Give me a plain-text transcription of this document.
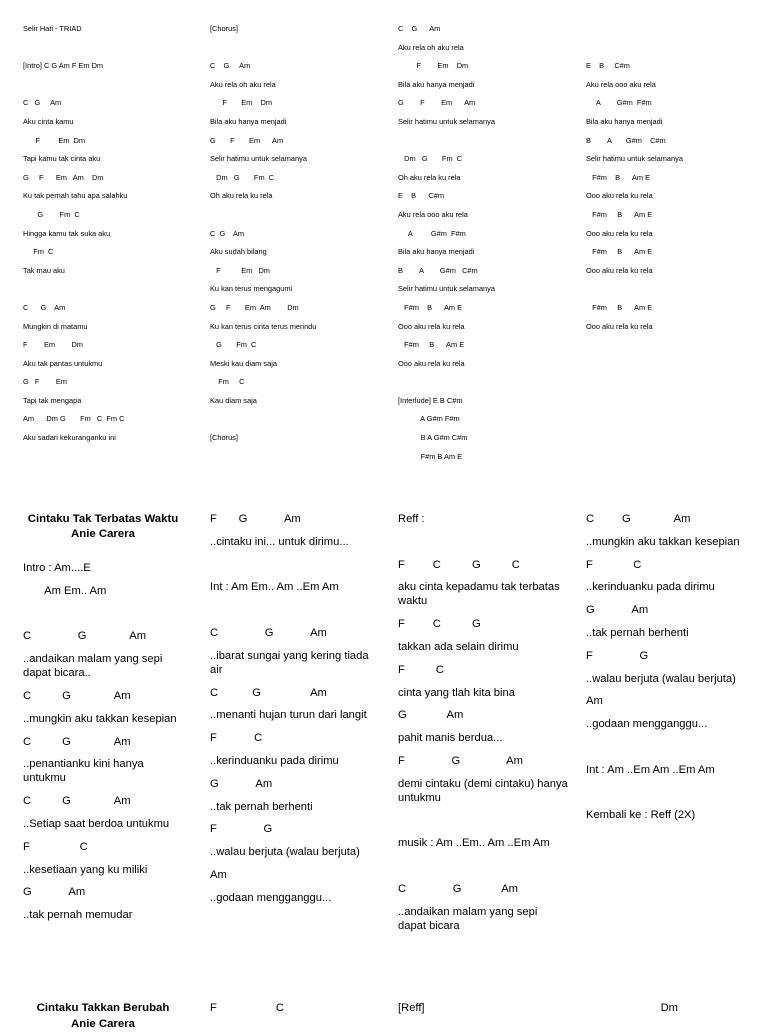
Selir Hati - TRIAD
[Intro] C G Am F Em Dm
C   G     Am
Aku cinta kamu
F         Em  Dm
Tapi kamu tak cinta aku
G     F      Em   Am    Dm
Ku tak pernah tahu apa salahku
G        Fm  C
Hingga kamu tak suka aku
Fm  C
Tak mau aku
C      G    Am
Mungkin di matamu
F        Em        Dm
Aku tak pantas untukmu
G   F        Em
Tapi tak mengapa
Am      Dm G       Fm   C  Fm C
Aku sadari kekuranganku ini
[Chorus]
C    G     Am
Aku rela oh aku rela
F       Em    Dm
Bila aku hanya menjadi
G       F       Em      Am
Selir hatimu untuk selamanya
Dm   G       Fm  C
Oh aku rela ku rela
C  G    Am
Aku sudah bilang
F          Em   Dm
Ku kan terus mengagumi
G     F       Em  Am        Dm
Ku kan terus cinta terus merindu
G       Fm  C
Meski kau diam saja
Fm     C
Kau diam saja
[Chorus]
C    G      Am
Aku rela oh aku rela
F        Em    Dm
Bila aku hanya menjadi
G        F        Em      Am
Selir hatimu untuk selamanya
Dm   G       Fm  C
Oh aku rela ku rela
E    B      C#m
Aku rela ooo aku rela
A         G#m  F#m
Bila aku hanya menjadi
B        A        G#m   C#m
Selir hatimu untuk selamanya
F#m    B      Am E
Ooo aku rela ku rela
F#m     B      Am E
Ooo aku rela ku rela
[Interlude] E B C#m
A G#m F#m
B A G#m C#m
F#m B Am E
E    B     C#m
Aku rela ooo aku rela
A        G#m  F#m
Bila aku hanya menjadi
B        A       G#m    C#m
Selir hatimu untuk selamanya
F#m    B      Am E
Ooo aku rela ku rela
F#m     B      Am E
Ooo aku rela ku rela
F#m     B      Am E
Ooo aku rela ku rela
F#m     B      Am E
Ooo aku rela ku rela
Cintaku Tak Terbatas Waktu Anie Carera
Intro : Am....E
Am Em.. Am
C               G              Am
..andaikan malam yang sepi dapat bicara..
C          G              Am
..mungkin aku takkan kesepian
C          G              Am
..penantianku kini hanya untukmu
C          G              Am
..Setiap saat berdoa untukmu
F                C
..kesetiaan yang ku miliki
G            Am
..tak pernah memudar
F       G            Am
..cintaku ini... untuk dirimu...
Int : Am Em.. Am ..Em Am
C               G            Am
..ibarat sungai yang kering tiada air
C           G                Am
..menanti hujan turun dari langit
F            C
..kerinduanku pada dirimu
G            Am
..tak pernah berhenti
F               G
..walau berjuta (walau berjuta)
Am
..godaan mengganggu...
Reff :
F         C          G          C
aku cinta kepadamu tak terbatas waktu
F         C          G
takkan ada selain dirimu
F          C
cinta yang tlah kita bina
G             Am
pahit manis berdua...
F               G               Am
demi cintaku (demi cintaku) hanya untukmu
musik : Am ..Em.. Am ..Em Am
C               G             Am
..andaikan malam yang sepi dapat bicara
C         G              Am
..mungkin aku takkan kesepian
F             C
..kerinduanku pada dirimu
G            Am
..tak pernah berhenti
F               G
..walau berjuta (walau berjuta)
Am
..godaan mengganggu...
Int : Am ..Em Am ..Em Am
Kembali ke : Reff (2X)
Cintaku Takkan Berubah Anie Carera
F                   C	[Reff]	Dm
